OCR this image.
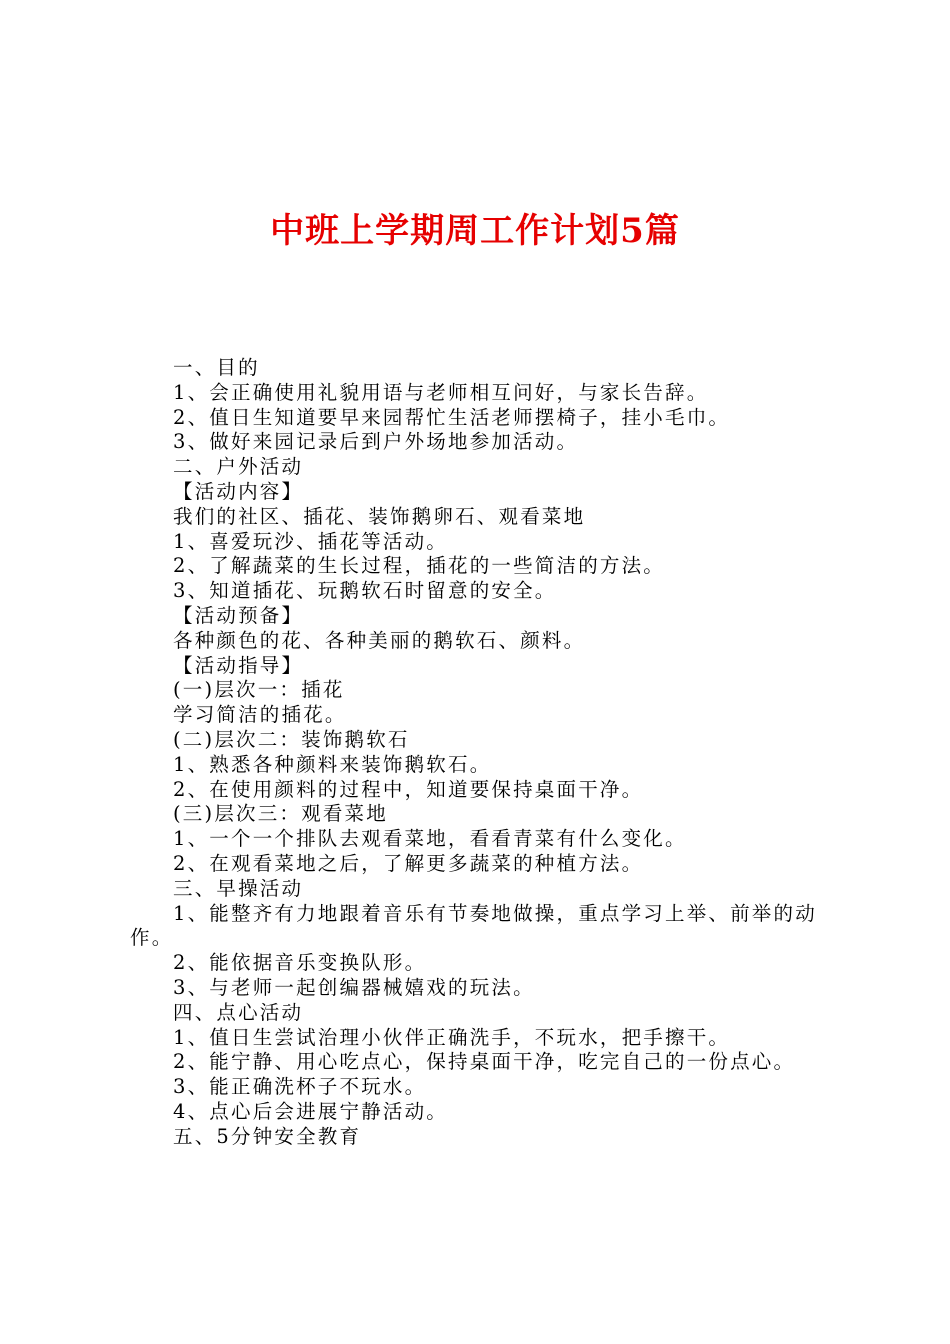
中班上学期周工作计划5篇

一、目的

1、会正确使用礼貌用语与老师相互问好，与家长告辞。

2、值日生知道要早来园帮忙生活老师摆椅子，挂小毛巾。

3、做好来园记录后到户外场地参加活动。

二、户外活动

【活动内容】

我们的社区、插花、装饰鹅卵石、观看菜地

1、喜爱玩沙、插花等活动。

2、了解蔬菜的生长过程，插花的一些简洁的方法。

3、知道插花、玩鹅软石时留意的安全。

【活动预备】

各种颜色的花、各种美丽的鹅软石、颜料。

【活动指导】

(一)层次一：插花

学习简洁的插花。

(二)层次二：装饰鹅软石

1、熟悉各种颜料来装饰鹅软石。

2、在使用颜料的过程中，知道要保持桌面干净。

(三)层次三：观看菜地

1、一个一个排队去观看菜地，看看青菜有什么变化。

2、在观看菜地之后，了解更多蔬菜的种植方法。

三、早操活动

1、能整齐有力地跟着音乐有节奏地做操，重点学习上举、前举的动作。

2、能依据音乐变换队形。

3、与老师一起创编器械嬉戏的玩法。

四、点心活动

1、值日生尝试治理小伙伴正确洗手，不玩水，把手擦干。

2、能宁静、用心吃点心，保持桌面干净，吃完自己的一份点心。

3、能正确洗杯子不玩水。

4、点心后会进展宁静活动。

五、5分钟安全教育
